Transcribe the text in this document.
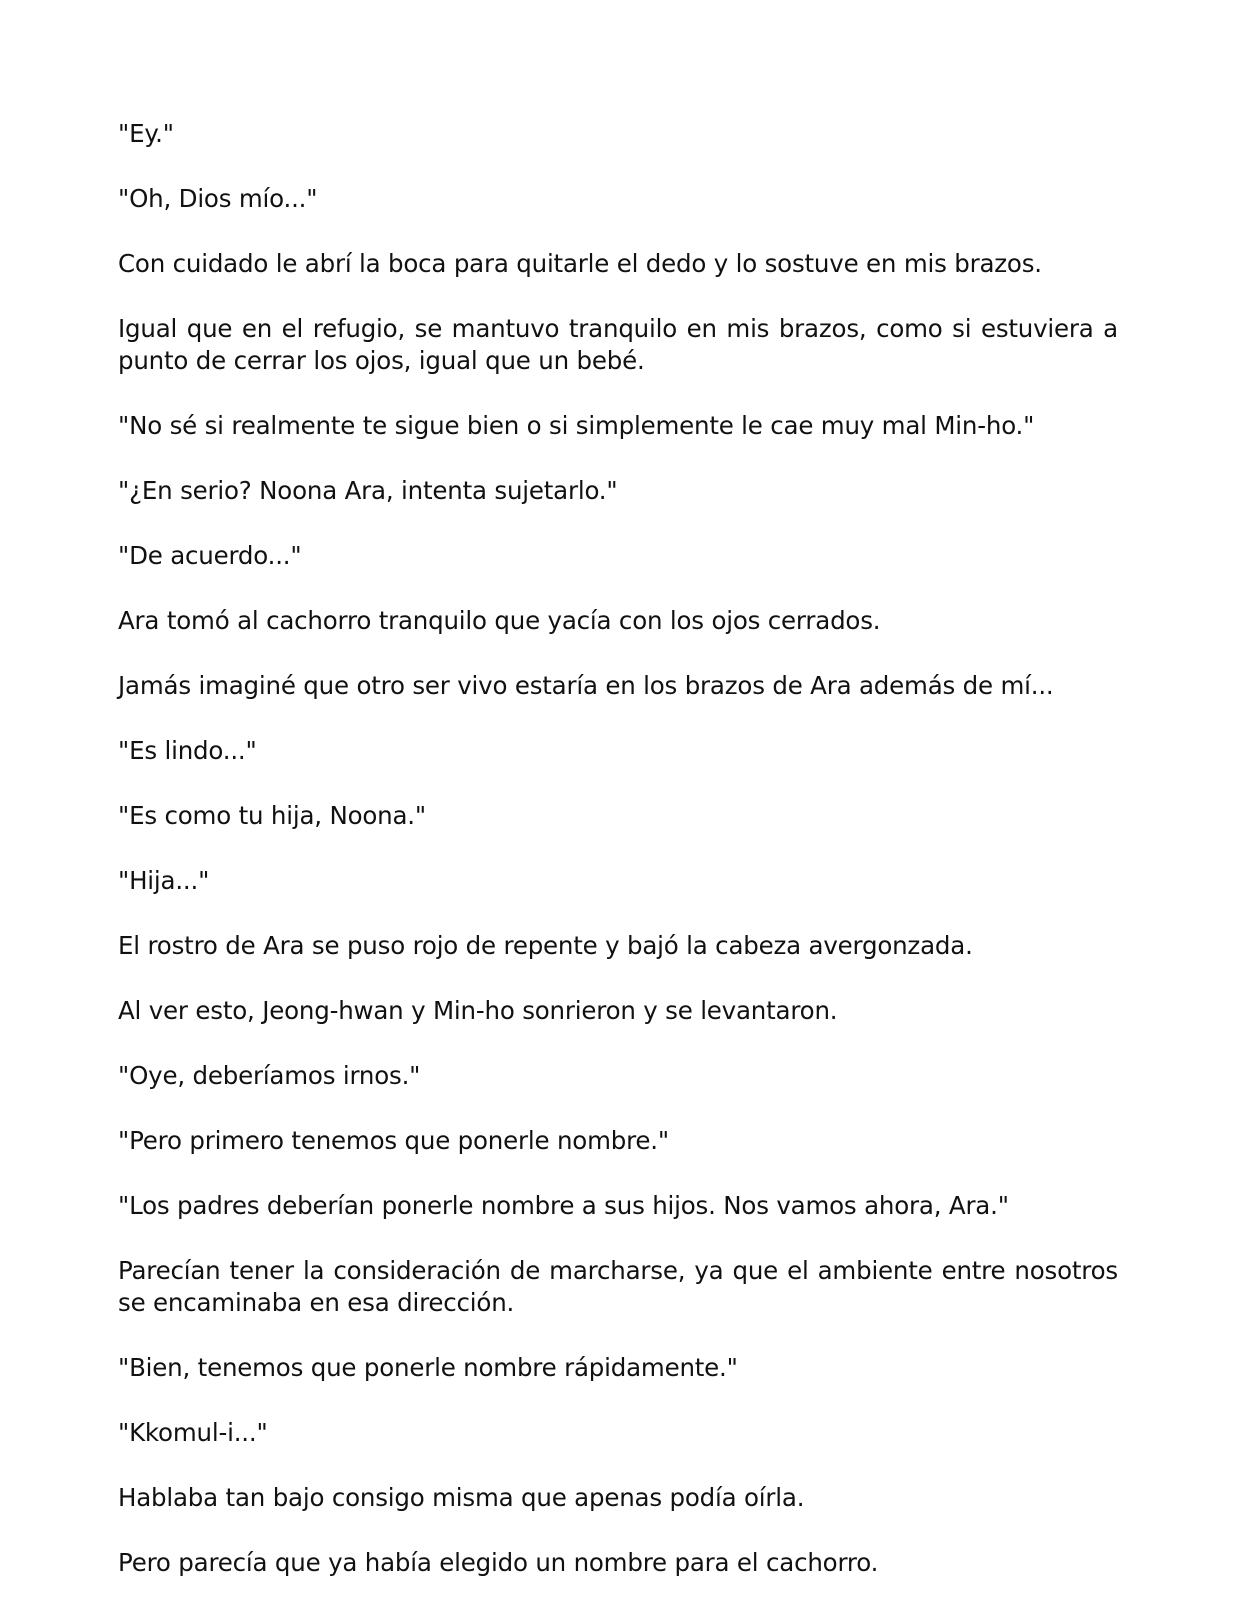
"Ey."

"Oh, Dios mío..."

Con cuidado le abrí la boca para quitarle el dedo y lo sostuve en mis brazos.

Igual que en el refugio, se mantuvo tranquilo en mis brazos, como si estuviera a punto de cerrar los ojos, igual que un bebé.

"No sé si realmente te sigue bien o si simplemente le cae muy mal Min-ho."

"¿En serio? Noona Ara, intenta sujetarlo."

"De acuerdo..."

Ara tomó al cachorro tranquilo que yacía con los ojos cerrados.

Jamás imaginé que otro ser vivo estaría en los brazos de Ara además de mí...

"Es lindo..."

"Es como tu hija, Noona."

"Hija..."

El rostro de Ara se puso rojo de repente y bajó la cabeza avergonzada.

Al ver esto, Jeong-hwan y Min-ho sonrieron y se levantaron.

"Oye, deberíamos irnos."

"Pero primero tenemos que ponerle nombre."

"Los padres deberían ponerle nombre a sus hijos. Nos vamos ahora, Ara."

Parecían tener la consideración de marcharse, ya que el ambiente entre nosotros se encaminaba en esa dirección.

"Bien, tenemos que ponerle nombre rápidamente."

"Kkomul-i..."

Hablaba tan bajo consigo misma que apenas podía oírla.

Pero parecía que ya había elegido un nombre para el cachorro.
